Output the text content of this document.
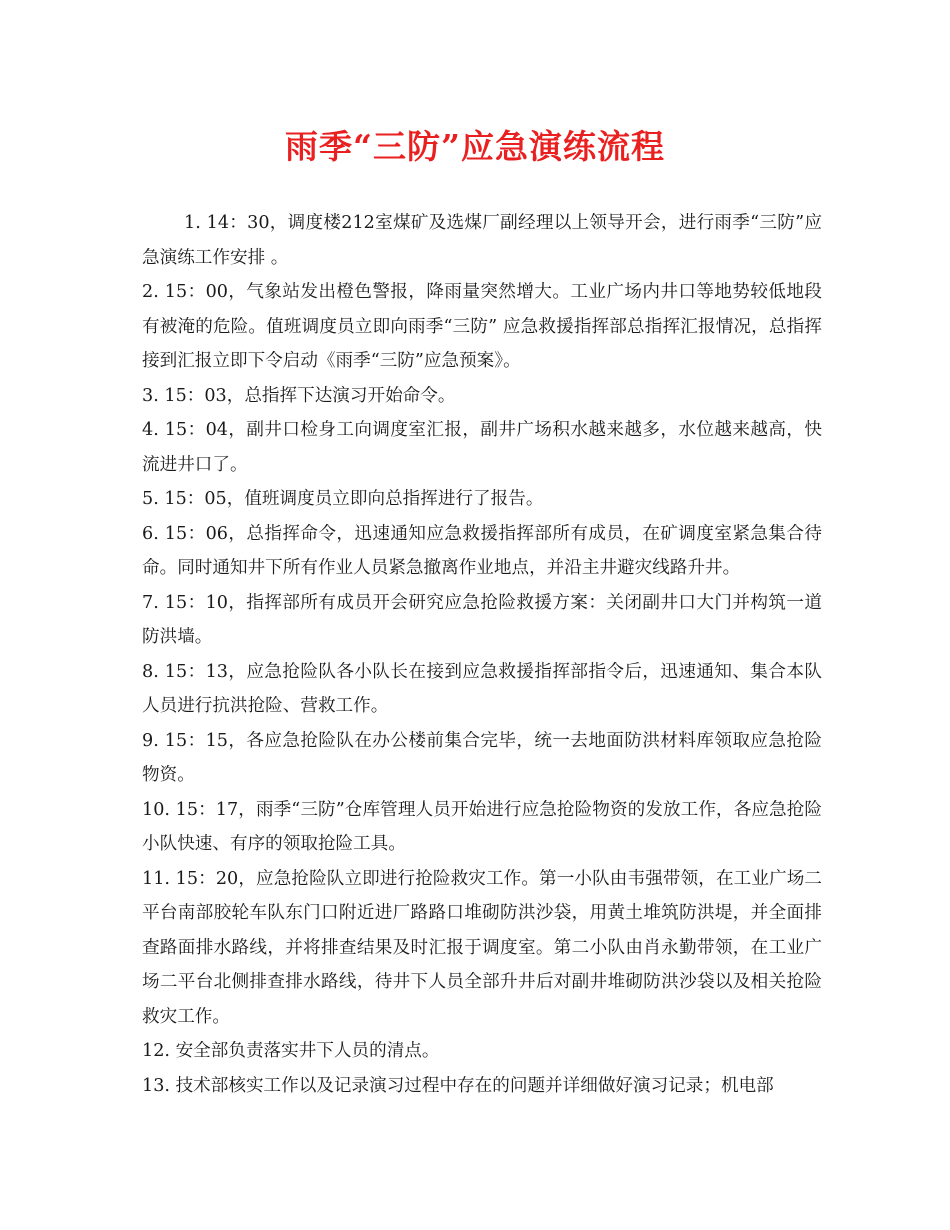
雨季“三防”应急演练流程

1. 14：30，调度楼212室煤矿及选煤厂副经理以上领导开会，进行雨季“三防”应急演练工作安排 。

2. 15：00，气象站发出橙色警报，降雨量突然增大。工业广场内井口等地势较低地段有被淹的危险。值班调度员立即向雨季“三防” 应急救援指挥部总指挥汇报情况，总指挥接到汇报立即下令启动《雨季“三防”应急预案》。

3. 15：03，总指挥下达演习开始命令。

4. 15：04，副井口检身工向调度室汇报，副井广场积水越来越多，水位越来越高，快流进井口了。

5. 15：05，值班调度员立即向总指挥进行了报告。

6. 15：06，总指挥命令，迅速通知应急救援指挥部所有成员，在矿调度室紧急集合待命。同时通知井下所有作业人员紧急撤离作业地点，并沿主井避灾线路升井。

7. 15：10，指挥部所有成员开会研究应急抢险救援方案：关闭副井口大门并构筑一道防洪墙。

8. 15：13，应急抢险队各小队长在接到应急救援指挥部指令后，迅速通知、集合本队人员进行抗洪抢险、营救工作。

9. 15：15，各应急抢险队在办公楼前集合完毕，统一去地面防洪材料库领取应急抢险物资。

10. 15：17，雨季“三防”仓库管理人员开始进行应急抢险物资的发放工作，各应急抢险小队快速、有序的领取抢险工具。

11. 15：20，应急抢险队立即进行抢险救灾工作。第一小队由韦强带领，在工业广场二平台南部胶轮车队东门口附近进厂路路口堆砌防洪沙袋，用黄土堆筑防洪堤，并全面排查路面排水路线，并将排查结果及时汇报于调度室。第二小队由肖永勤带领，在工业广场二平台北侧排查排水路线，待井下人员全部升井后对副井堆砌防洪沙袋以及相关抢险救灾工作。

12. 安全部负责落实井下人员的清点。

13. 技术部核实工作以及记录演习过程中存在的问题并详细做好演习记录；机电部
